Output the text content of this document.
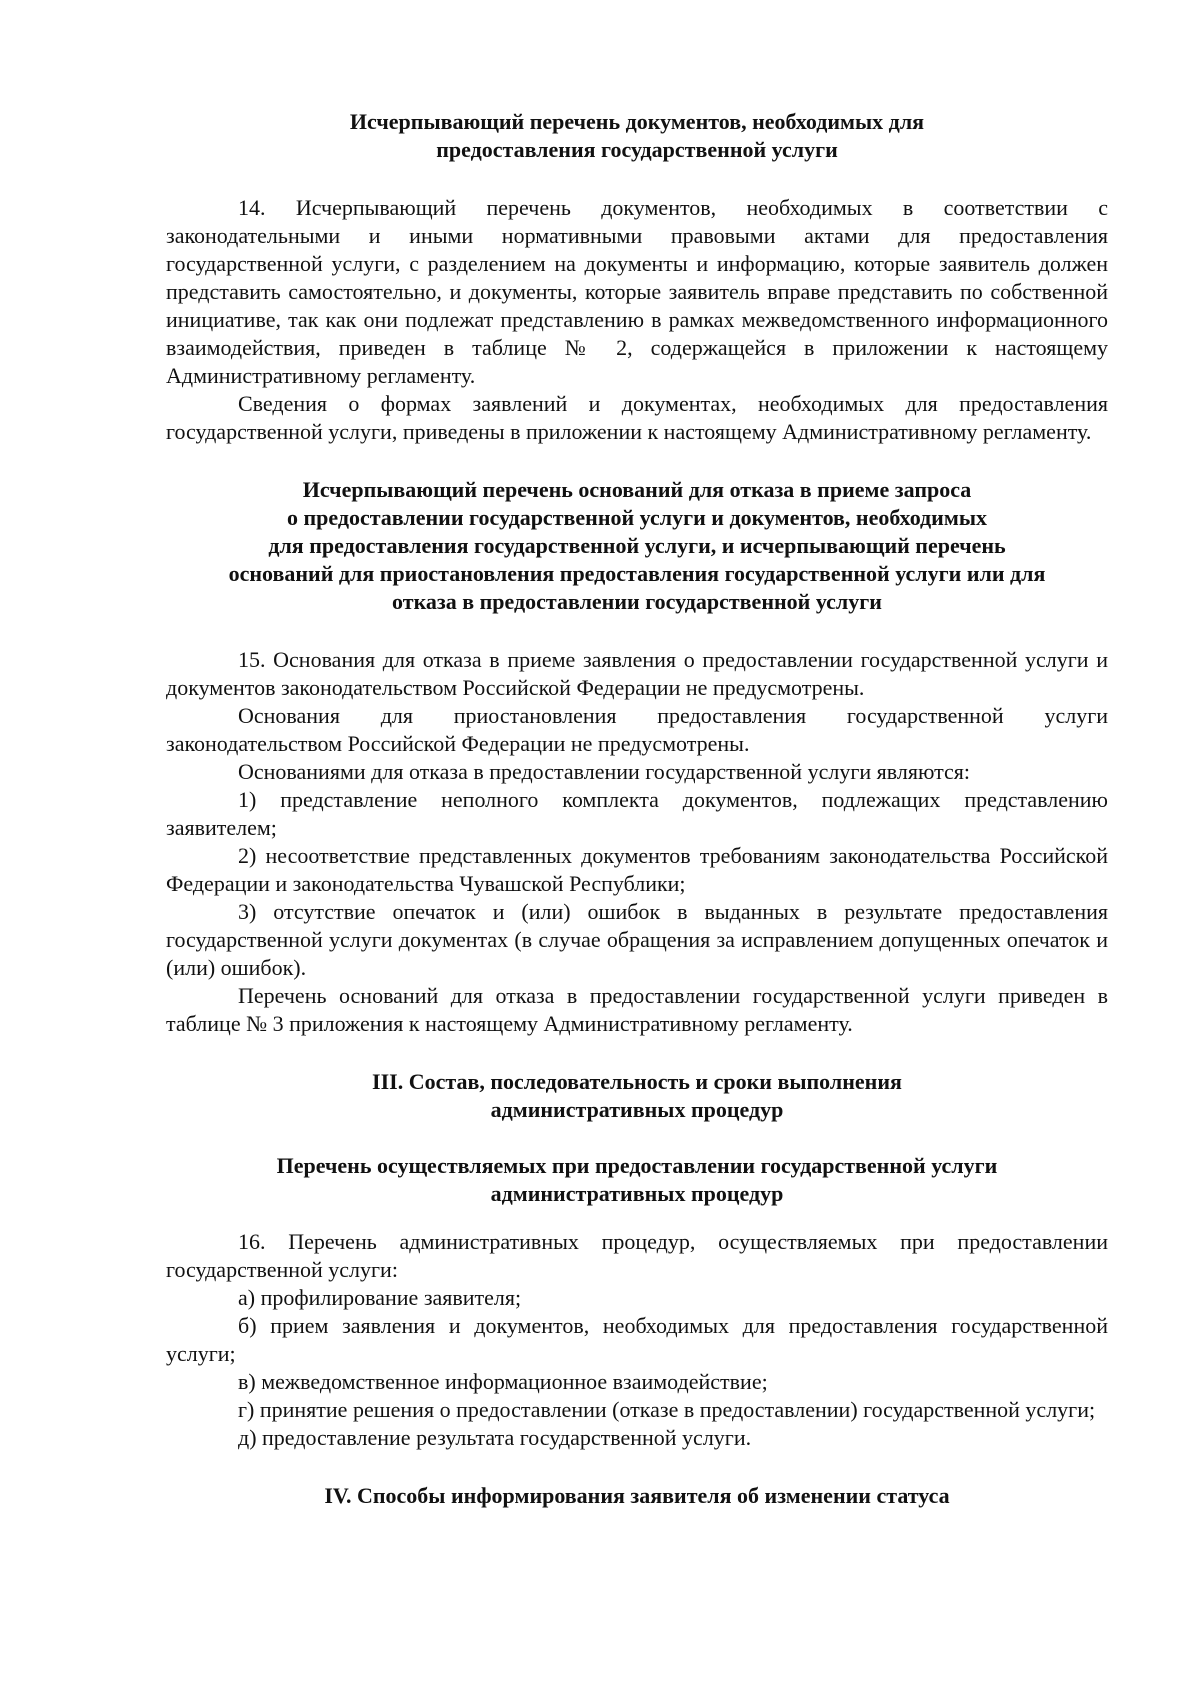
Исчерпывающий перечень документов, необходимых для
предоставления государственной услуги

14. Исчерпывающий перечень документов, необходимых в соответствии с законодательными и иными нормативными правовыми актами для предоставления государственной услуги, с разделением на документы и информацию, которые заявитель должен представить самостоятельно, и документы, которые заявитель вправе представить по собственной инициативе, так как они подлежат представлению в рамках межведомственного информационного взаимодействия, приведен в таблице № 2, содержащейся в приложении к настоящему Административному регламенту.

Сведения о формах заявлений и документах, необходимых для предоставления государственной услуги, приведены в приложении к настоящему Административному регламенту.

Исчерпывающий перечень оснований для отказа в приеме запроса
о предоставлении государственной услуги и документов, необходимых
для предоставления государственной услуги, и исчерпывающий перечень
оснований для приостановления предоставления государственной услуги или для
отказа в предоставлении государственной услуги

15. Основания для отказа в приеме заявления о предоставлении государственной услуги и документов законодательством Российской Федерации не предусмотрены.

Основания для приостановления предоставления государственной услуги законодательством Российской Федерации не предусмотрены.

Основаниями для отказа в предоставлении государственной услуги являются:

1) представление неполного комплекта документов, подлежащих представлению заявителем;

2) несоответствие представленных документов требованиям законодательства Российской Федерации и законодательства Чувашской Республики;

3) отсутствие опечаток и (или) ошибок в выданных в результате предоставления государственной услуги документах (в случае обращения за исправлением допущенных опечаток и (или) ошибок).

Перечень оснований для отказа в предоставлении государственной услуги приведен в таблице № 3 приложения к настоящему Административному регламенту.

III. Состав, последовательность и сроки выполнения
административных процедур
Перечень осуществляемых при предоставлении государственной услуги
административных процедур

16. Перечень административных процедур, осуществляемых при предоставлении государственной услуги:

а) профилирование заявителя;

б) прием заявления и документов, необходимых для предоставления государственной услуги;

в) межведомственное информационное взаимодействие;

г) принятие решения о предоставлении (отказе в предоставлении) государственной услуги;

д) предоставление результата государственной услуги.

IV. Способы информирования заявителя об изменении статуса
